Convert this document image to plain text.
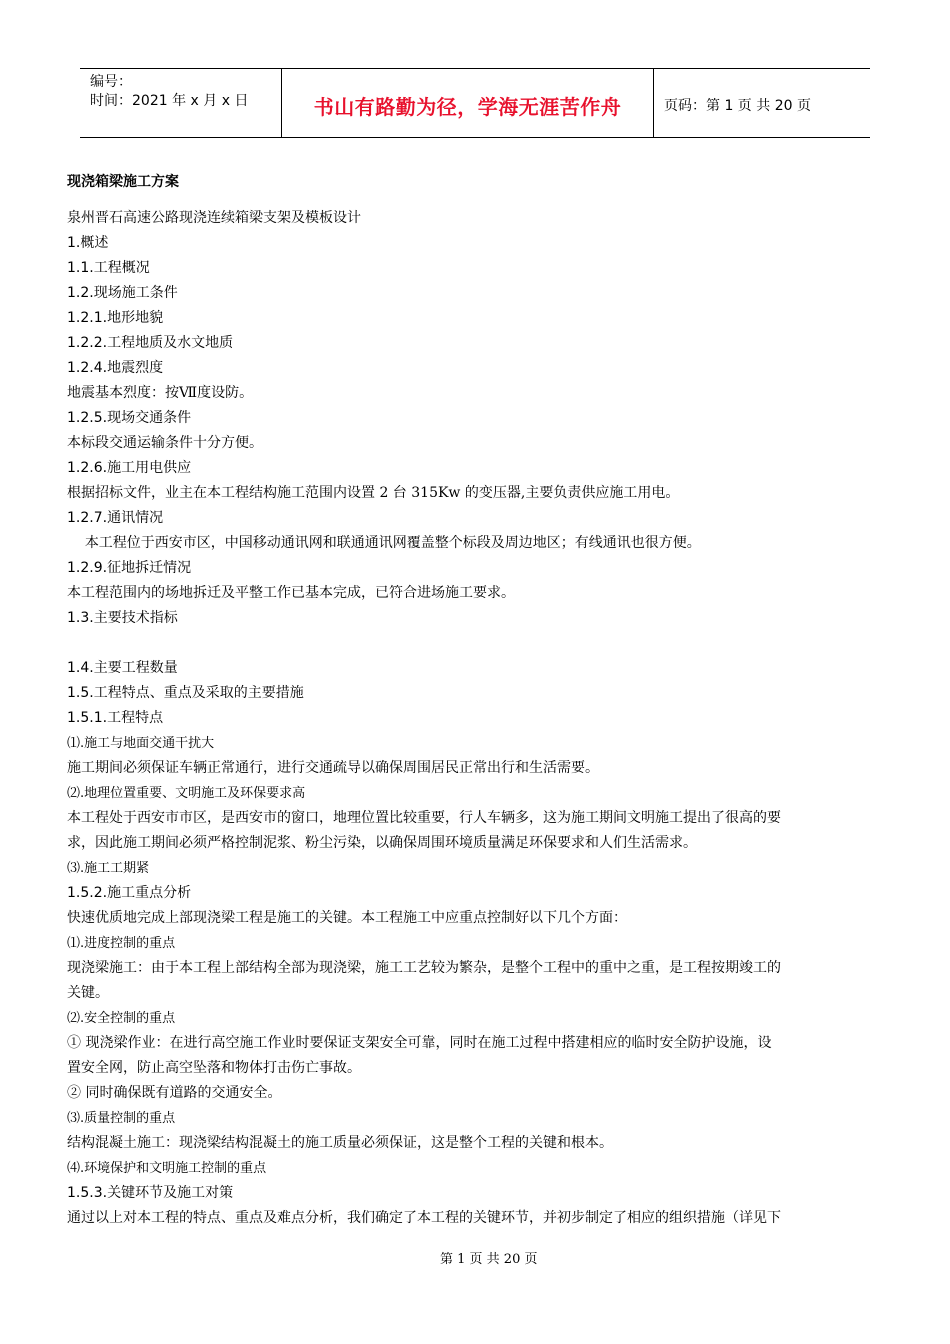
编号：
时间：2021 年 x 月 x 日	书山有路勤为径，学海无涯苦作舟	页码：第 1 页 共 20 页
现浇箱梁施工方案

泉州晋石高速公路现浇连续箱梁支架及模板设计

1.概述

1.1.工程概况

1.2.现场施工条件

1.2.1.地形地貌

1.2.2.工程地质及水文地质

1.2.4.地震烈度

地震基本烈度：按Ⅶ度设防。

1.2.5.现场交通条件

本标段交通运输条件十分方便。

1.2.6.施工用电供应

根据招标文件，业主在本工程结构施工范围内设置 2 台 315Kw 的变压器,主要负责供应施工用电。

1.2.7.通讯情况

本工程位于西安市区，中国移动通讯网和联通通讯网覆盖整个标段及周边地区；有线通讯也很方便。

1.2.9.征地拆迁情况

本工程范围内的场地拆迁及平整工作已基本完成，已符合进场施工要求。

1.3.主要技术指标

1.4.主要工程数量

1.5.工程特点、重点及采取的主要措施

1.5.1.工程特点

⑴.施工与地面交通干扰大

施工期间必须保证车辆正常通行，进行交通疏导以确保周围居民正常出行和生活需要。

⑵.地理位置重要、文明施工及环保要求高

本工程处于西安市市区，是西安市的窗口，地理位置比较重要，行人车辆多，这为施工期间文明施工提出了很高的要

求，因此施工期间必须严格控制泥浆、粉尘污染，以确保周围环境质量满足环保要求和人们生活需求。

⑶.施工工期紧

1.5.2.施工重点分析

快速优质地完成上部现浇梁工程是施工的关键。本工程施工中应重点控制好以下几个方面：

⑴.进度控制的重点

现浇梁施工：由于本工程上部结构全部为现浇梁，施工工艺较为繁杂，是整个工程中的重中之重，是工程按期竣工的

关键。

⑵.安全控制的重点

① 现浇梁作业：在进行高空施工作业时要保证支架安全可靠，同时在施工过程中搭建相应的临时安全防护设施，设

置安全网，防止高空坠落和物体打击伤亡事故。

② 同时确保既有道路的交通安全。

⑶.质量控制的重点

结构混凝土施工：现浇梁结构混凝土的施工质量必须保证，这是整个工程的关键和根本。

⑷.环境保护和文明施工控制的重点

1.5.3.关键环节及施工对策

通过以上对本工程的特点、重点及难点分析，我们确定了本工程的关键环节，并初步制定了相应的组织措施（详见下

第 1 页 共 20 页
